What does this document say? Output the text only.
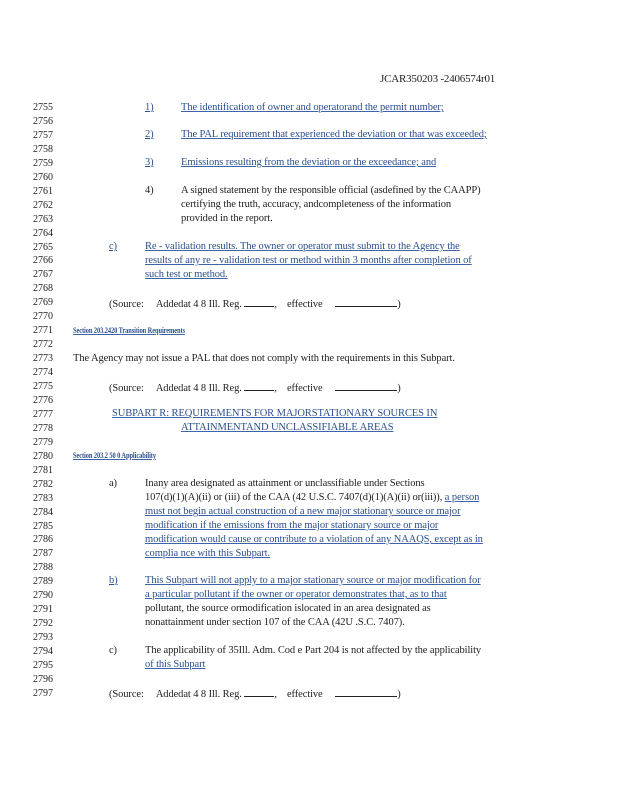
JCAR350203 -2406574r01
2755
2756
2757
2758
2759
2760
2761
2762
2763
2764
2765
2766
2767
2768
2769
2770
2771
2772
2773
2774
2775
2776
2777
2778
2779
2780
2781
2782
2783
2784
2785
2786
2787
2788
2789
2790
2791
2792
2793
2794
2795
2796
2797
1)	The identification of owner and operatorand the permit number;
2)	The PAL requirement that experienced the deviation or that was exceeded;
3)	Emissions resulting from the deviation or the exceedance; and
4)	A signed statement by the responsible official (asdefined by the CAAPP)
certifying the truth, accuracy, andcompleteness of the information
provided in the report.
c)	Re - validation results. The owner or operator must submit to the Agency the
results of any re - validation test or method within 3 months after completion of
such test or method.
(Source: Addedat 4 8 Ill. Reg.	, effective	)
Section 203.2420 Transition Requirements
The Agency may not issue a PAL that does not comply with the requirements in this Subpart.
(Source: Addedat 4 8 Ill. Reg.	, effective	)
SUBPART R: REQUIREMENTS FOR MAJORSTATIONARY SOURCES IN
ATTAINMENTAND UNCLASSIFIABLE AREAS
Section 203.2 50 0 Applicability
a)	Inany area designated as attainment or unclassifiable under Sections
107(d)(1)(A)(ii) or (iii) of the CAA (42 U.S.C. 7407(d)(1)(A)(ii) or(iii)), a person
must not begin actual construction of a new major stationary source or major
modification if the emissions from the major stationary source or major
modification would cause or contribute to a violation of any NAAQS, except as in
complia nce with this Subpart.
b)	This Subpart will not apply to a major stationary source or major modification for
a particular pollutant if the owner or operator demonstrates that, as to that
pollutant, the source ormodification islocated in an area designated as
nonattainment under section 107 of the CAA (42U .S.C. 7407).
c)	The applicability of 35Ill. Adm. Cod e Part 204 is not affected by the applicability
of this Subpart
(Source: Addedat 4 8 Ill. Reg.	, effective	)
